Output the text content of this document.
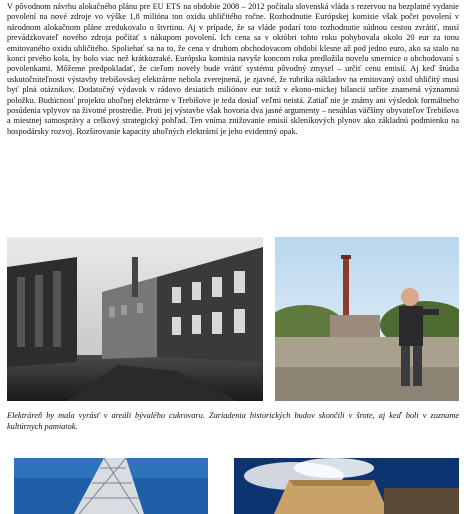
V pôvodnom návrhu alokačného plánu pre EU ETS na obdobie 2008 – 2012 počítala slovenská vláda s rezervou na bezplatné vydanie povolení na nové zdroje vo výške 1,8 milióna ton oxidu uhličitého ročne. Rozhodnutie Európskej komisie však počet povolení v národnom alokačnom pláne zredukovalo o štvrtinu. Aj v prípade, že sa vláde podarí toto rozhodnutie súdnou cestou zvrátiť, musí prevádzkovateľ nového zdroja počítať s nákupom povolení. Ich cena sa v októbri tohto roku pohybovala okolo 20 eur za tonu emitovaného oxidu uhličitého. Spoliehať sa na to, že cena v druhom obchodovacom období klesne až pod jedno euro, ako sa stalo na konci prvého kola, by bolo viac než krátkozraké. Európska komisia navyše koncom roka predložila novelu smernice o obchodovaní s povolenkami. Môžeme predpokladať, že cieľom novely bude vrátiť systému pôvodný zmysel – určiť cenu emisií. Aj keď štúdia uskutočniteľnosti výstavby trebišovskej elektrárne nebola zverejnená, je zjavné, že rubrika nákladov na emitovaný oxid uhličitý musí byť plná otáznikov. Dodatočný výdavok v rádovo desiatich miliónov eur totiž v ekono-mickej bilancii určite znamená významnú položku. Budúcnosť projektu uhoľnej elektrárne v Trebišove je teda dosiaľ veľmi neistá. Zatiaľ nie je známy ani výsledok formálneho posúdenia vplyvov na životné prostredie. Proti jej výstavbe však hovoria dva jasné argumenty – nesúhlas väčšiny obyvateľov Trebišova a miestnej samosprávy a celkový strategický pohľad. Ten vníma znižovanie emisií skleníkových plynov ako základnú podmienku na hospodársky rozvoj. Rozširovanie kapacity uhoľných elektrární je jeho evidentný opak.

Elektráreň by mala vyrásť v areáli bývalého cukrovaru. Zariadenia historických budov skončili v šrote, aj keď boli v zozname kultúrnych pamiatok.
